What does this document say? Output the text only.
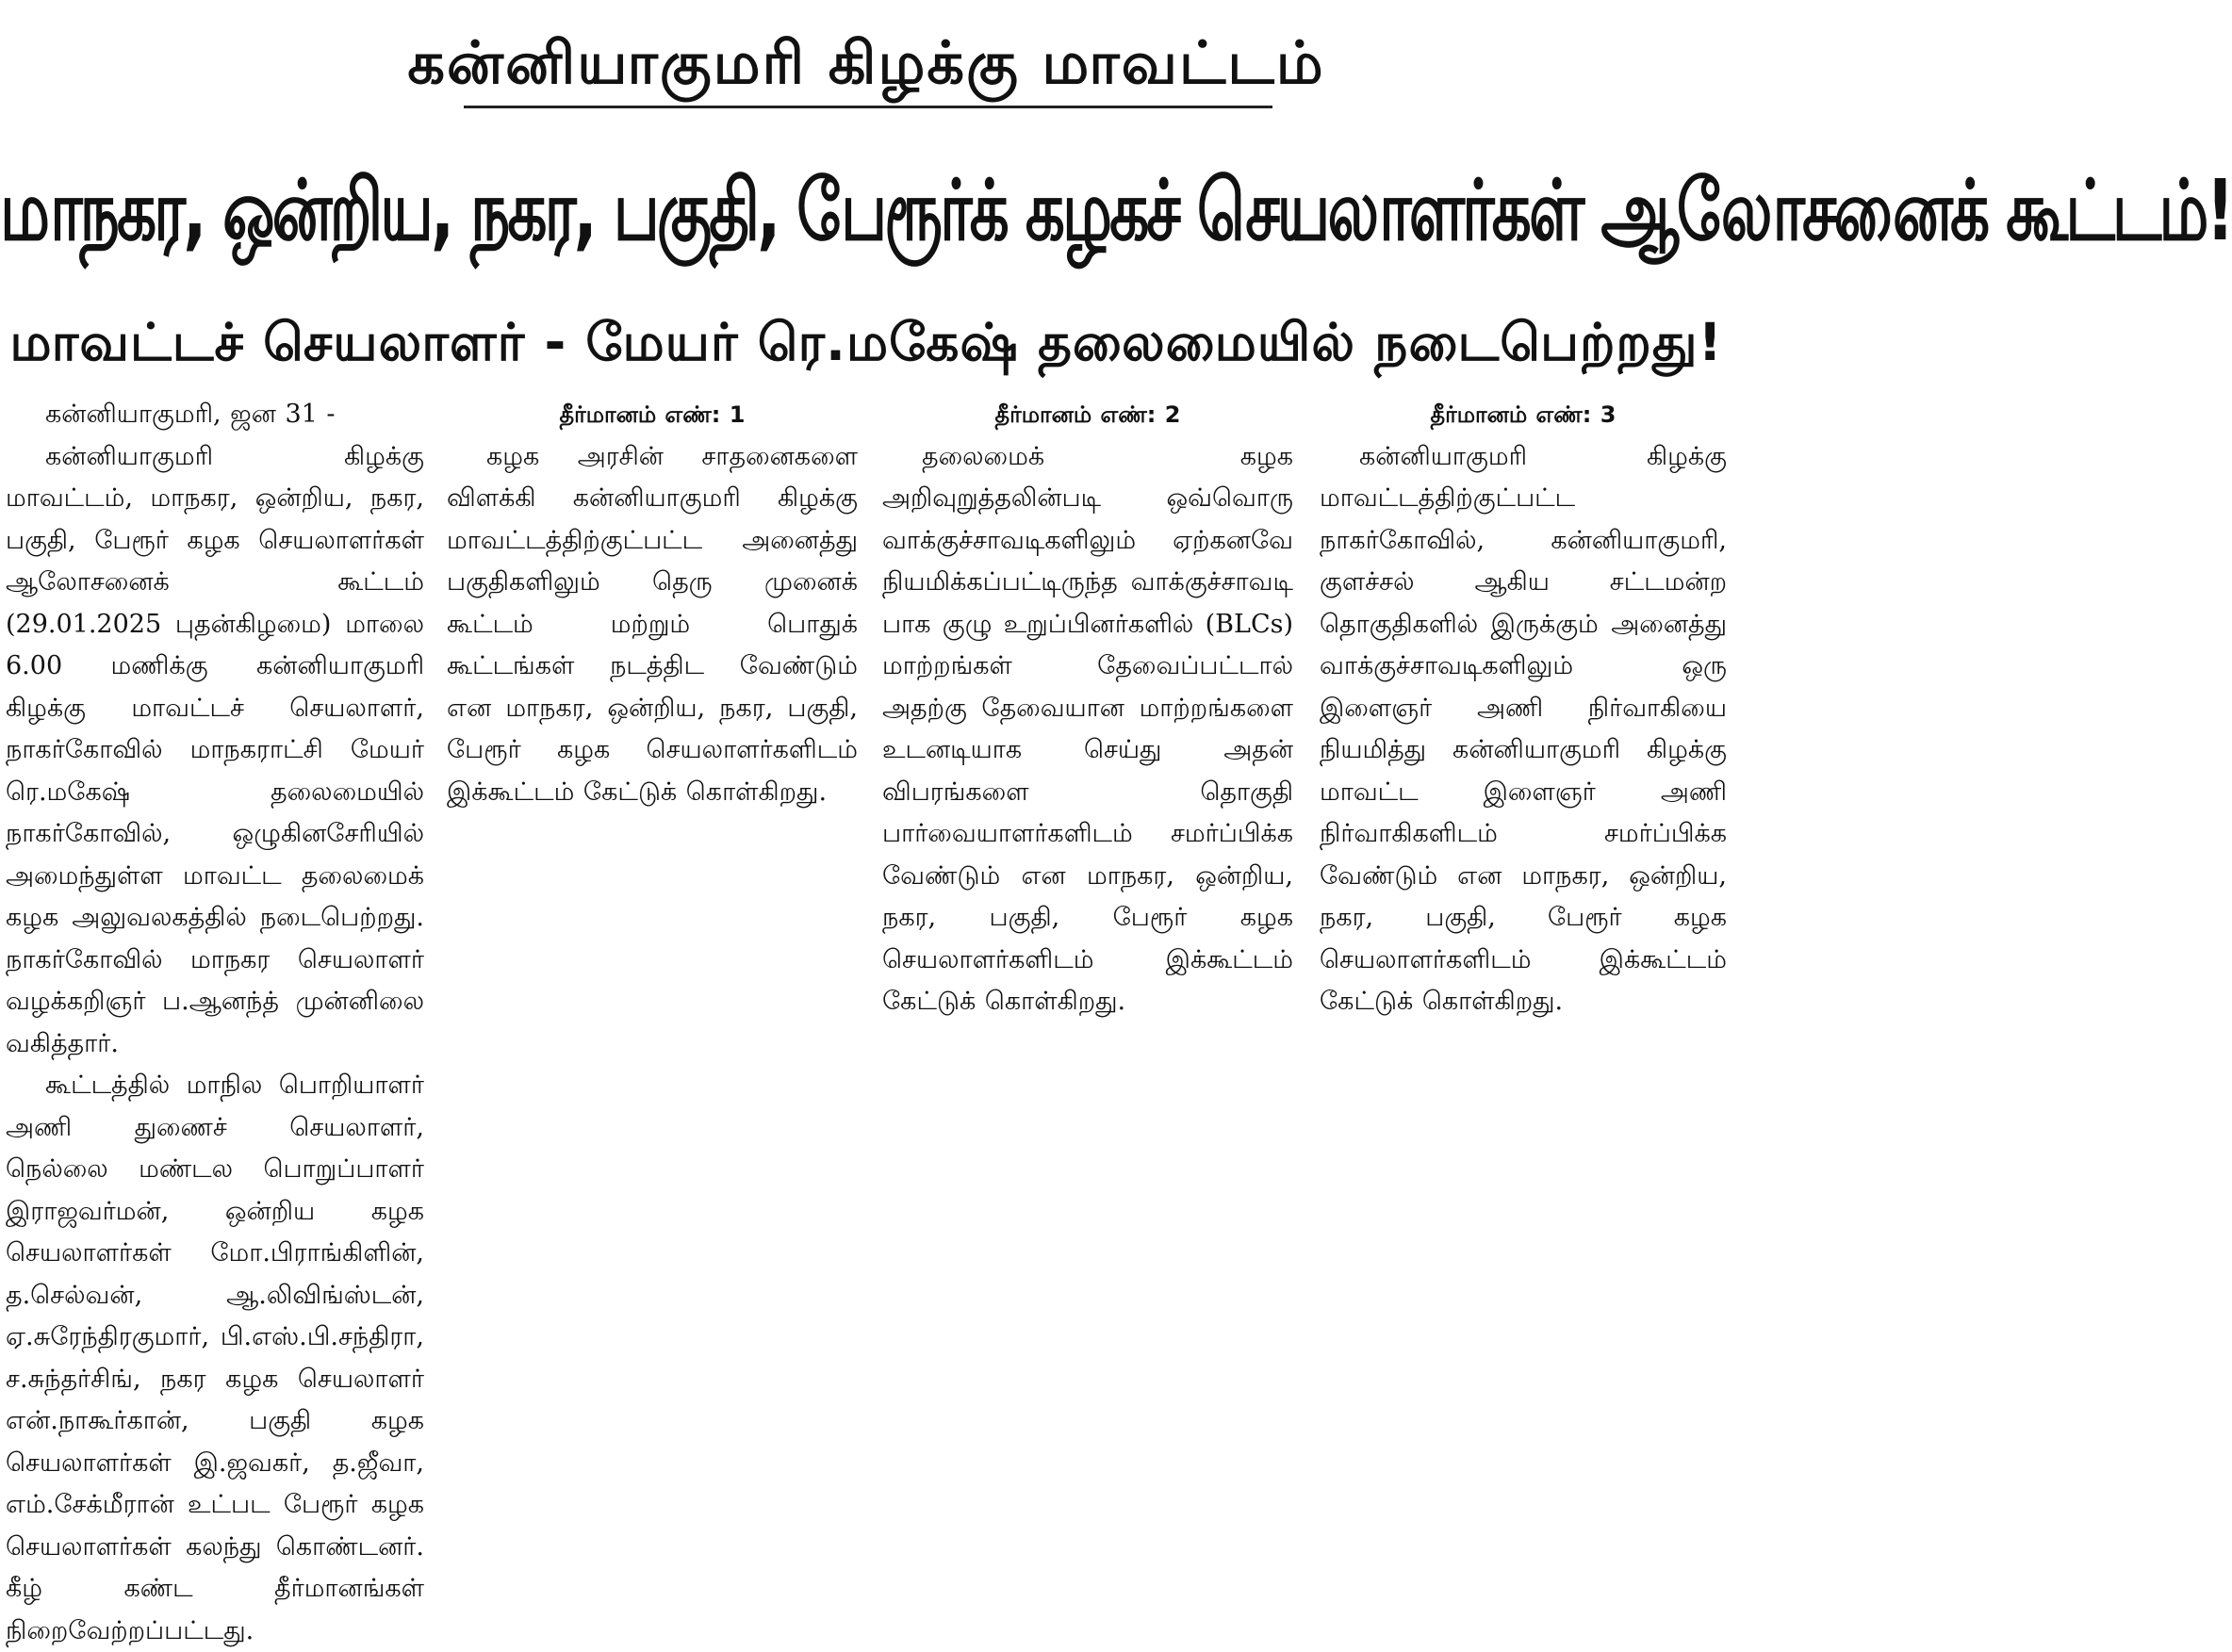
கன்னியாகுமரி கிழக்கு மாவட்டம்
மாநகர, ஒன்றிய, நகர, பகுதி, பேரூர்க் கழகச் செயலாளர்கள் ஆலோசனைக் கூட்டம்!
மாவட்டச் செயலாளர் - மேயர் ரெ.மகேஷ் தலைமையில் நடைபெற்றது!

கன்னியாகுமரி, ஜன 31 -

கன்னியாகுமரி கிழக்கு மாவட்டம், மாநகர, ஒன்றிய, நகர, பகுதி, பேரூர் கழக செயலாளர்கள் ஆலோசனைக் கூட்டம் (29.01.2025 புதன்கிழமை) மாலை 6.00 மணிக்கு கன்னியாகுமரி கிழக்கு மாவட்டச் செயலாளர், நாகர்கோவில் மாநகராட்சி மேயர் ரெ.மகேஷ் தலைமையில் நாகர்கோவில், ஒழுகினசேரியில் அமைந்துள்ள மாவட்ட தலைமைக் கழக அலுவலகத்தில் நடைபெற்றது. நாகர்கோவில் மாநகர செயலாளர் வழக்கறிஞர் ப.ஆனந்த் முன்னிலை வகித்தார்.

கூட்டத்தில் மாநில பொறியாளர் அணி துணைச் செயலாளர், நெல்லை மண்டல பொறுப்பாளர் இராஜவர்மன், ஒன்றிய கழக செயலாளர்கள் மோ.பிராங்கிளின், த.செல்வன், ஆ.லிவிங்ஸ்டன், ஏ.சுரேந்திரகுமார், பி.எஸ்.பி.சந்திரா, ச.சுந்தர்சிங், நகர கழக செயலாளர் என்.நாகூர்கான், பகுதி கழக செயலாளர்கள் இ.ஜவகர், த.ஜீவா, எம்.சேக்மீரான் உட்பட பேரூர் கழக செயலாளர்கள் கலந்து கொண்டனர். கீழ் கண்ட தீர்மானங்கள் நிறைவேற்றப்பட்டது.

தீர்மானம் எண்: 1

கழக அரசின் சாதனைகளை விளக்கி கன்னியாகுமரி கிழக்கு மாவட்டத்திற்குட்பட்ட அனைத்து பகுதிகளிலும் தெரு முனைக் கூட்டம் மற்றும் பொதுக் கூட்டங்கள் நடத்திட வேண்டும் என மாநகர, ஒன்றிய, நகர, பகுதி, பேரூர் கழக செயலாளர்களிடம் இக்கூட்டம் கேட்டுக் கொள்கிறது.

தீர்மானம் எண்: 2

தலைமைக் கழக அறிவுறுத்தலின்படி ஒவ்வொரு வாக்குச்சாவடிகளிலும் ஏற்கனவே நியமிக்கப்பட்டிருந்த வாக்குச்சாவடி பாக குழு உறுப்பினர்களில் (BLCs) மாற்றங்கள் தேவைப்பட்டால் அதற்கு தேவையான மாற்றங்களை உடனடியாக செய்து அதன் விபரங்களை தொகுதி பார்வையாளர்களிடம் சமர்ப்பிக்க வேண்டும் என மாநகர, ஒன்றிய, நகர, பகுதி, பேரூர் கழக செயலாளர்களிடம் இக்கூட்டம் கேட்டுக் கொள்கிறது.

தீர்மானம் எண்: 3

கன்னியாகுமரி கிழக்கு மாவட்டத்திற்குட்பட்ட நாகர்கோவில், கன்னியாகுமரி, குளச்சல் ஆகிய சட்டமன்ற தொகுதிகளில் இருக்கும் அனைத்து வாக்குச்சாவடிகளிலும் ஒரு இளைஞர் அணி நிர்வாகியை நியமித்து கன்னியாகுமரி கிழக்கு மாவட்ட இளைஞர் அணி நிர்வாகிகளிடம் சமர்ப்பிக்க வேண்டும் என மாநகர, ஒன்றிய, நகர, பகுதி, பேரூர் கழக செயலாளர்களிடம் இக்கூட்டம் கேட்டுக் கொள்கிறது.
